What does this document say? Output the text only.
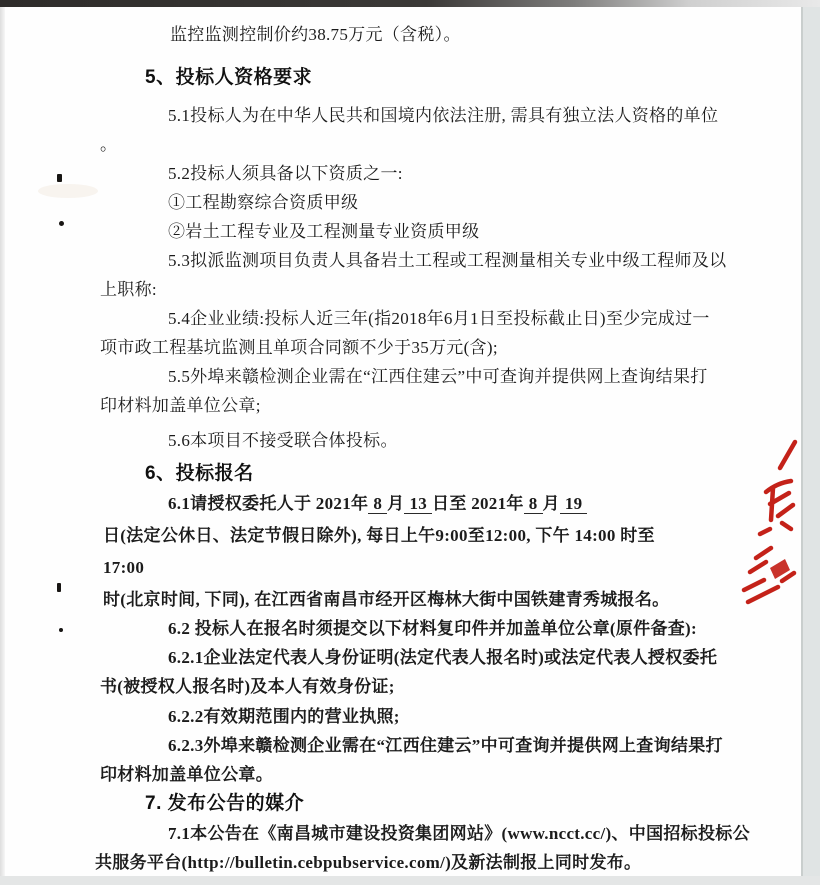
监控监测控制价约38.75万元（含税）。
5、投标人资格要求
5.1投标人为在中华人民共和国境内依法注册, 需具有独立法人资格的单位
。
5.2投标人须具备以下资质之一:
①工程勘察综合资质甲级
②岩土工程专业及工程测量专业资质甲级
5.3拟派监测项目负责人具备岩土工程或工程测量相关专业中级工程师及以
上职称:
5.4企业业绩:投标人近三年(指2018年6月1日至投标截止日)至少完成过一
项市政工程基坑监测且单项合同额不少于35万元(含);
5.5外埠来赣检测企业需在“江西住建云”中可查询并提供网上查询结果打
印材料加盖单位公章;
5.6本项目不接受联合体投标。
6、投标报名
6.1请授权委托人于 2021年 8 月 13 日至 2021年 8 月 19
日(法定公休日、法定节假日除外), 每日上午9:00至12:00, 下午 14:00 时至
17:00
时(北京时间, 下同), 在江西省南昌市经开区梅林大街中国铁建青秀城报名。
6.2 投标人在报名时须提交以下材料复印件并加盖单位公章(原件备查):
6.2.1企业法定代表人身份证明(法定代表人报名时)或法定代表人授权委托
书(被授权人报名时)及本人有效身份证;
6.2.2有效期范围内的营业执照;
6.2.3外埠来赣检测企业需在“江西住建云”中可查询并提供网上查询结果打
印材料加盖单位公章。
7. 发布公告的媒介
7.1本公告在《南昌城市建设投资集团网站》(www.ncct.cc/)、中国招标投标公
共服务平台(http://bulletin.cebpubservice.com/)及新法制报上同时发布。
